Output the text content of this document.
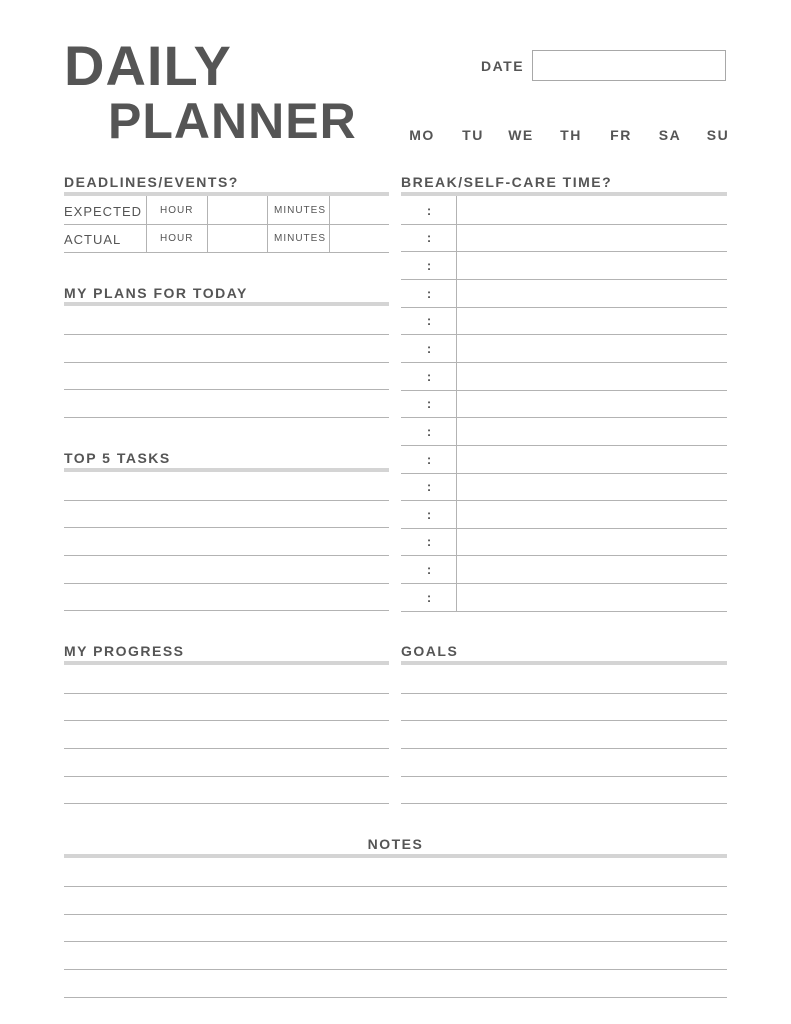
DAILY
PLANNER
DATE
MO TU WE TH FR SA SU
DEADLINES/EVENTS?
EXPECTED HOUR	MINUTES
ACTUAL	HOUR	MINUTES
MY PLANS FOR TODAY
TOP 5 TASKS
BREAK/SELF-CARE TIME?
:
:
:
:
:
:
:
:
:
:
:
:
:
:
:
MY PROGRESS	GOALS
NOTES
